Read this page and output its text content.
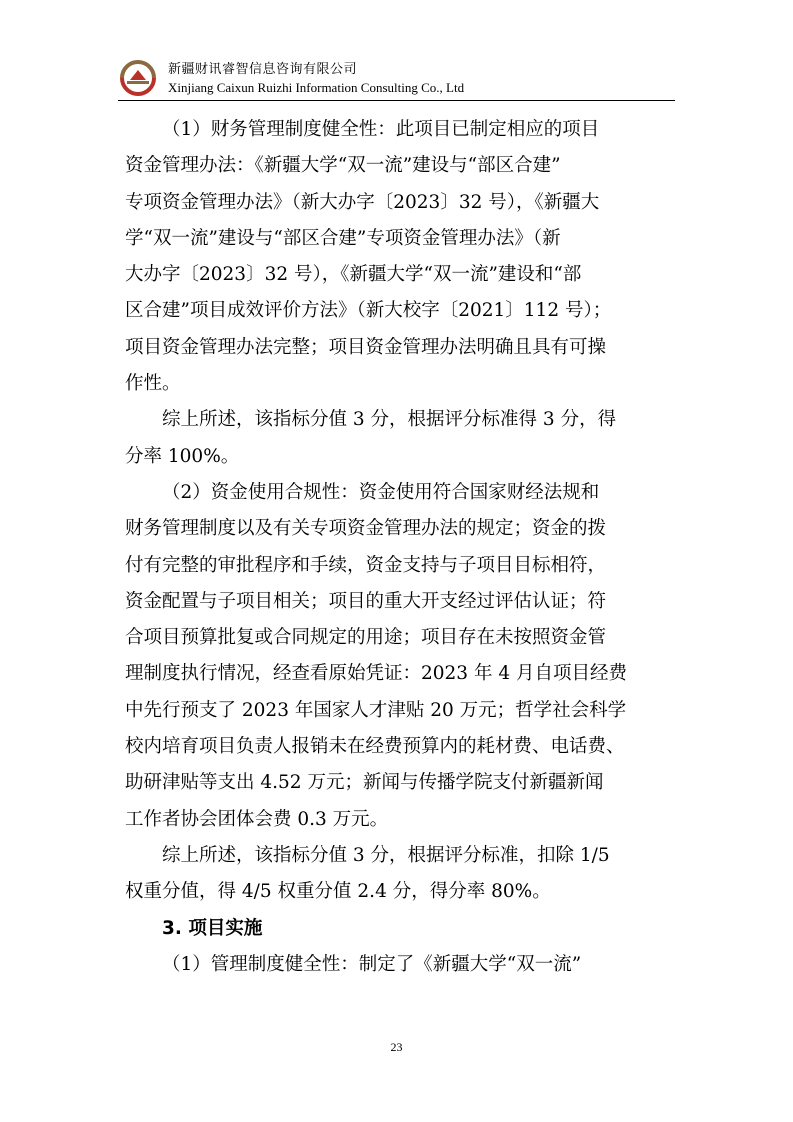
新疆财讯睿智信息咨询有限公司
Xinjiang Caixun Ruizhi Information Consulting Co., Ltd
（1）财务管理制度健全性：此项目已制定相应的项目
资金管理办法：《新疆大学“双一流”建设与“部区合建”
专项资金管理办法》（新大办字〔2023〕32 号），《新疆大
学“双一流”建设与“部区合建”专项资金管理办法》（新
大办字〔2023〕32 号），《新疆大学“双一流”建设和“部
区合建”项目成效评价方法》（新大校字〔2021〕112 号）；
项目资金管理办法完整；项目资金管理办法明确且具有可操
作性。
综上所述，该指标分值 3 分，根据评分标准得 3 分，得
分率 100%。
（2）资金使用合规性：资金使用符合国家财经法规和
财务管理制度以及有关专项资金管理办法的规定；资金的拨
付有完整的审批程序和手续，资金支持与子项目目标相符，
资金配置与子项目相关；项目的重大开支经过评估认证；符
合项目预算批复或合同规定的用途；项目存在未按照资金管
理制度执行情况，经查看原始凭证：2023 年 4 月自项目经费
中先行预支了 2023 年国家人才津贴 20 万元；哲学社会科学
校内培育项目负责人报销未在经费预算内的耗材费、电话费、
助研津贴等支出 4.52 万元；新闻与传播学院支付新疆新闻
工作者协会团体会费 0.3 万元。
综上所述，该指标分值 3 分，根据评分标准，扣除 1/5
权重分值，得 4/5 权重分值 2.4 分，得分率 80%。
3. 项目实施
（1）管理制度健全性：制定了《新疆大学“双一流”
23
